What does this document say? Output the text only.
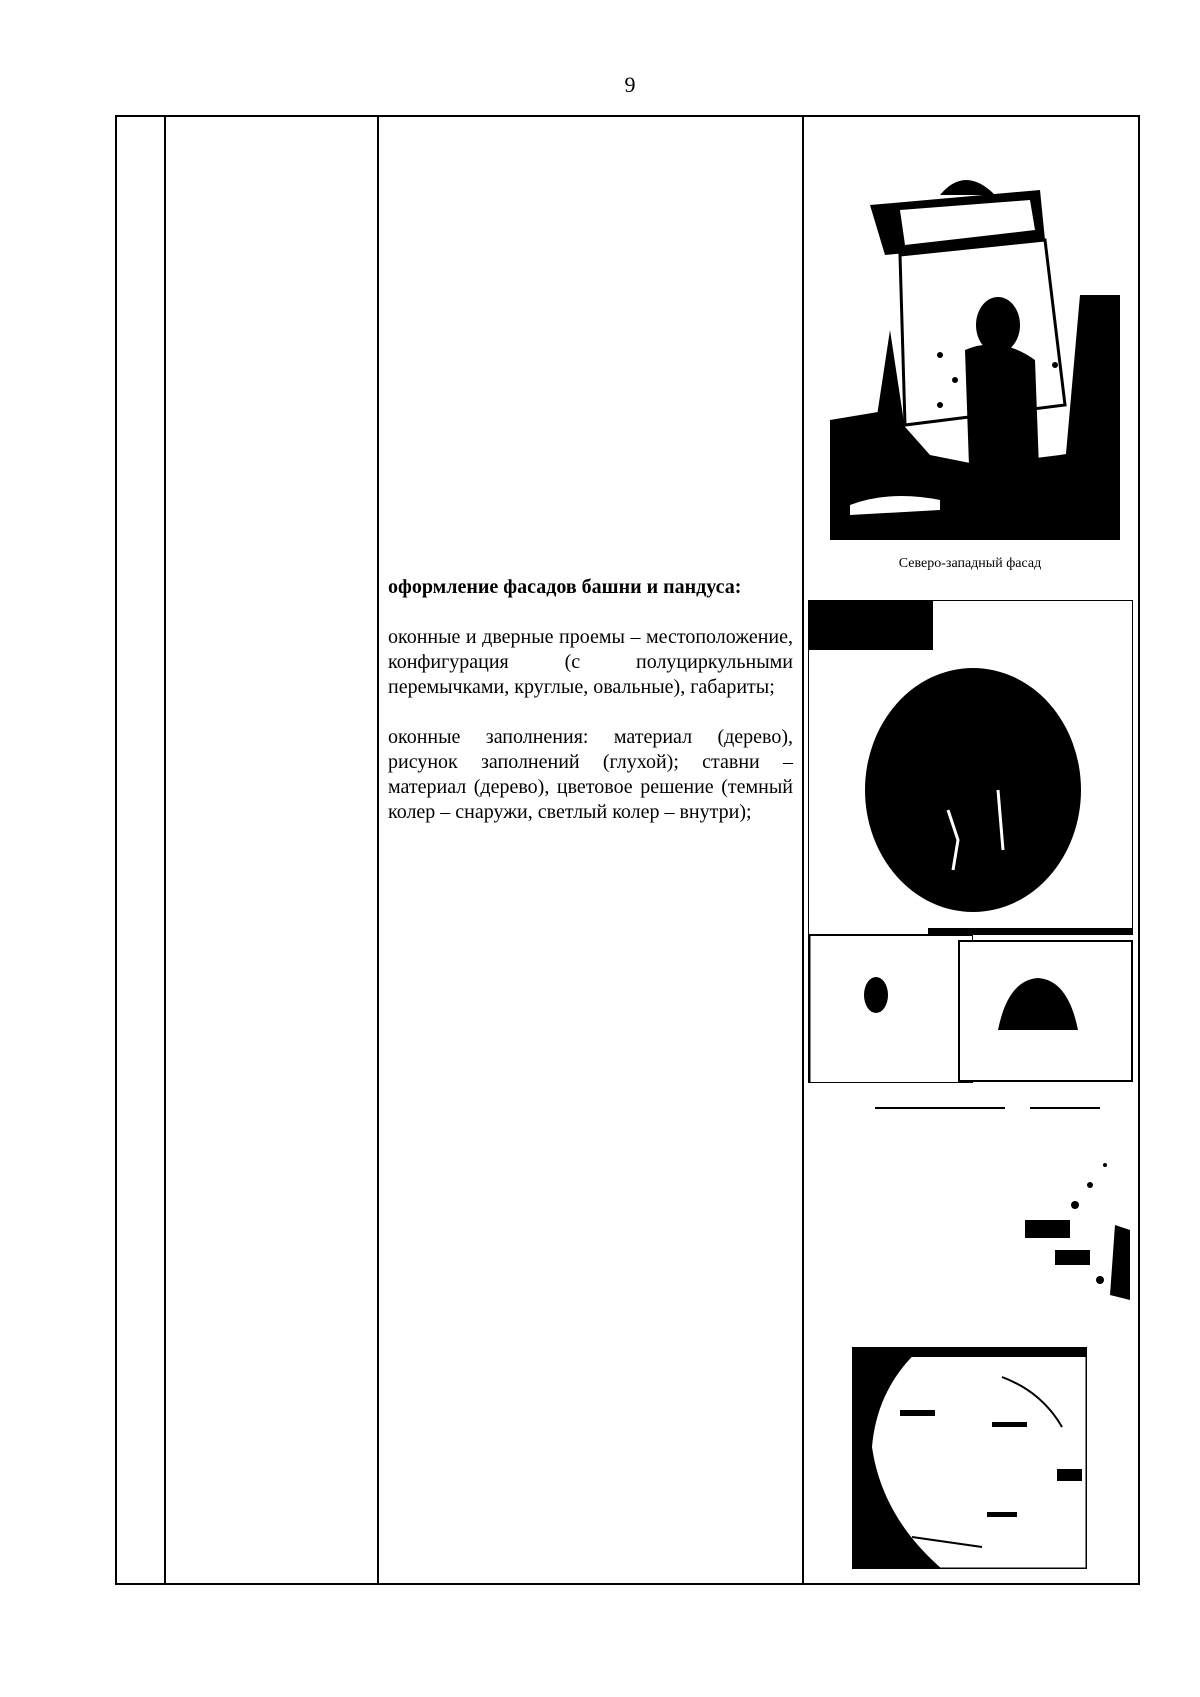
9

оформление фасадов башни и пандуса:

оконные и дверные проемы – местоположение, конфигурация (с полуциркульными перемычками, круглые, овальные), габариты;

оконные заполнения: материал (дерево), рисунок заполнений (глухой); ставни – материал (дерево), цветовое решение (темный колер – снаружи, светлый колер – внутри);

Северо-западный фасад
